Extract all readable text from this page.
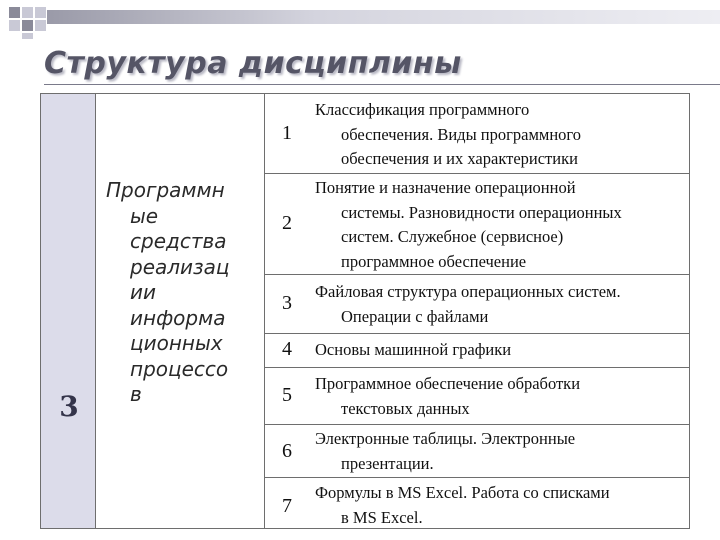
Структура дисциплины
3
Программн
ые
средства
реализац
ии
информа
ционных
процессо
в
1
Классификация программного
обеспечения. Виды программного
обеспечения и их характеристики
2
Понятие и назначение операционной
системы. Разновидности операционных
систем. Служебное (сервисное)
программное обеспечение
3
Файловая структура операционных систем.
Операции с файлами
4	Основы машинной графики
5
Программное обеспечение обработки
текстовых данных
6
Электронные таблицы. Электронные
презентации.
7
Формулы в MS Excel. Работа со списками
в MS Excel.
